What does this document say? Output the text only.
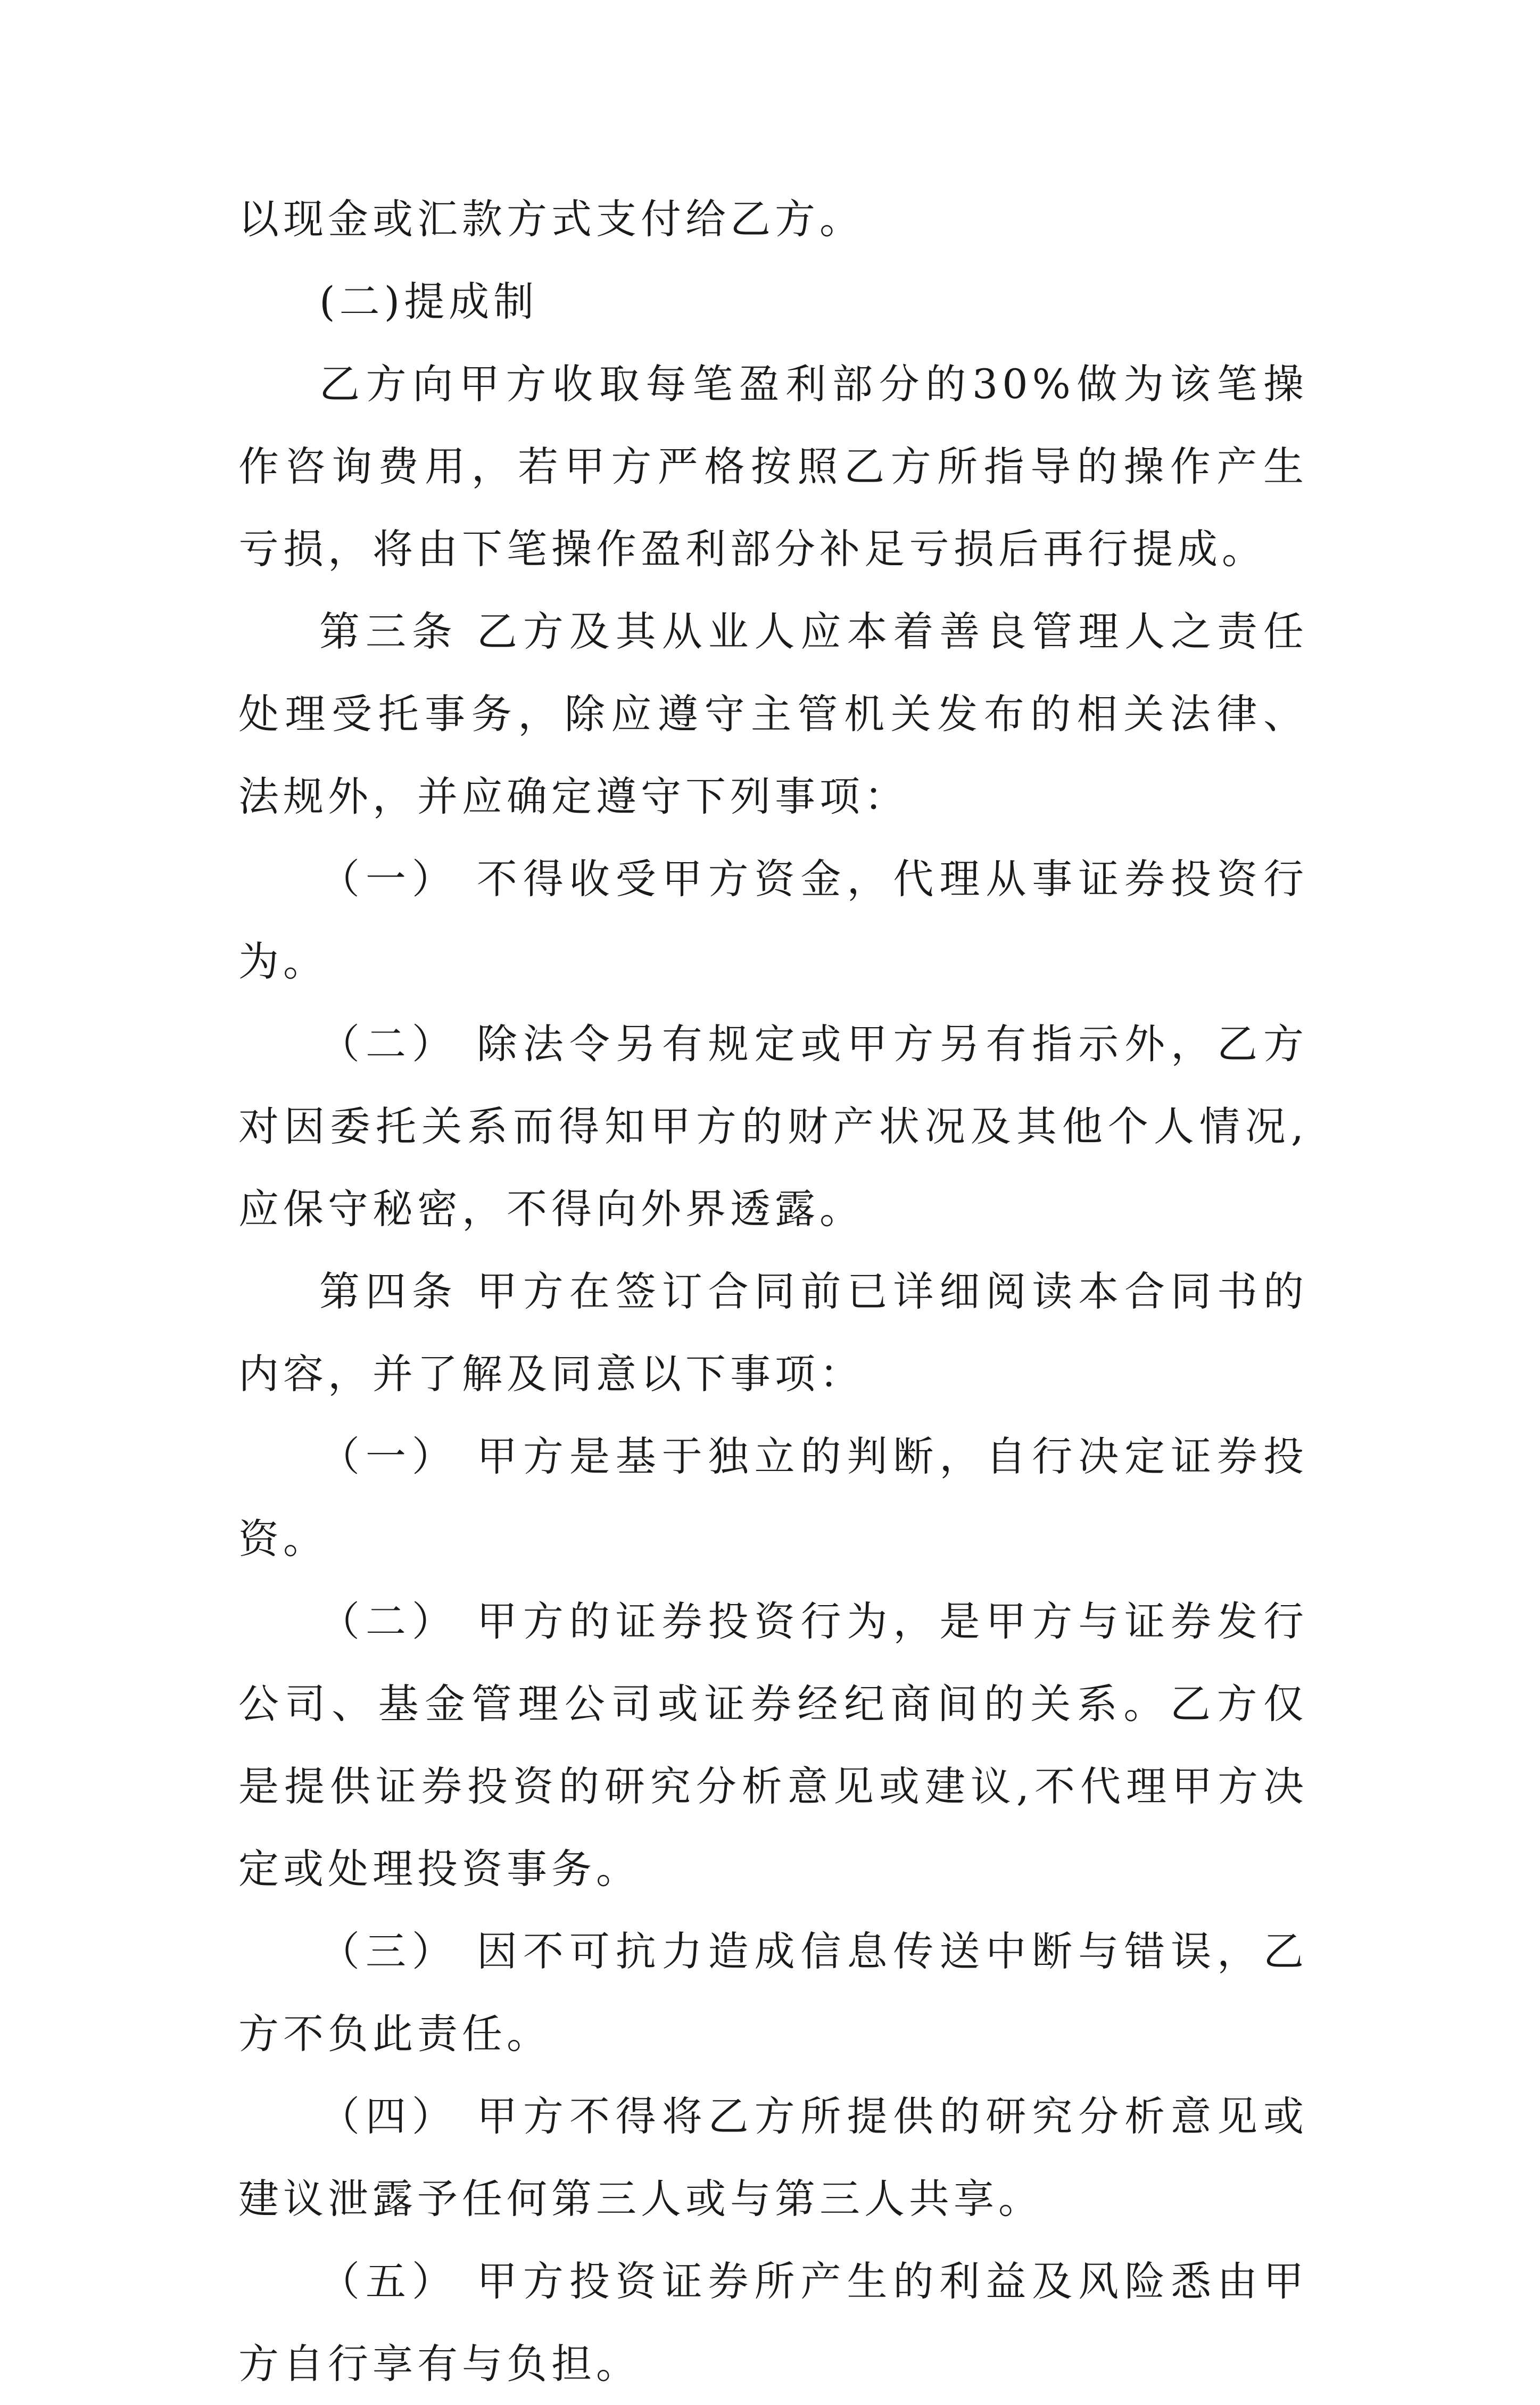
以现金或汇款方式支付给乙方。

(二)提成制

乙方向甲方收取每笔盈利部分的30%做为该笔操作咨询费用，若甲方严格按照乙方所指导的操作产生亏损，将由下笔操作盈利部分补足亏损后再行提成。

第三条 乙方及其从业人应本着善良管理人之责任处理受托事务，除应遵守主管机关发布的相关法律、法规外，并应确定遵守下列事项：

（一） 不得收受甲方资金，代理从事证券投资行为。

（二） 除法令另有规定或甲方另有指示外，乙方对因委托关系而得知甲方的财产状况及其他个人情况,应保守秘密，不得向外界透露。

第四条 甲方在签订合同前已详细阅读本合同书的内容，并了解及同意以下事项：

（一） 甲方是基于独立的判断，自行决定证券投资。

（二） 甲方的证券投资行为，是甲方与证券发行公司、基金管理公司或证券经纪商间的关系。乙方仅是提供证券投资的研究分析意见或建议,不代理甲方决定或处理投资事务。

（三） 因不可抗力造成信息传送中断与错误，乙方不负此责任。

（四） 甲方不得将乙方所提供的研究分析意见或建议泄露予任何第三人或与第三人共享。

（五） 甲方投资证券所产生的利益及风险悉由甲方自行享有与负担。
